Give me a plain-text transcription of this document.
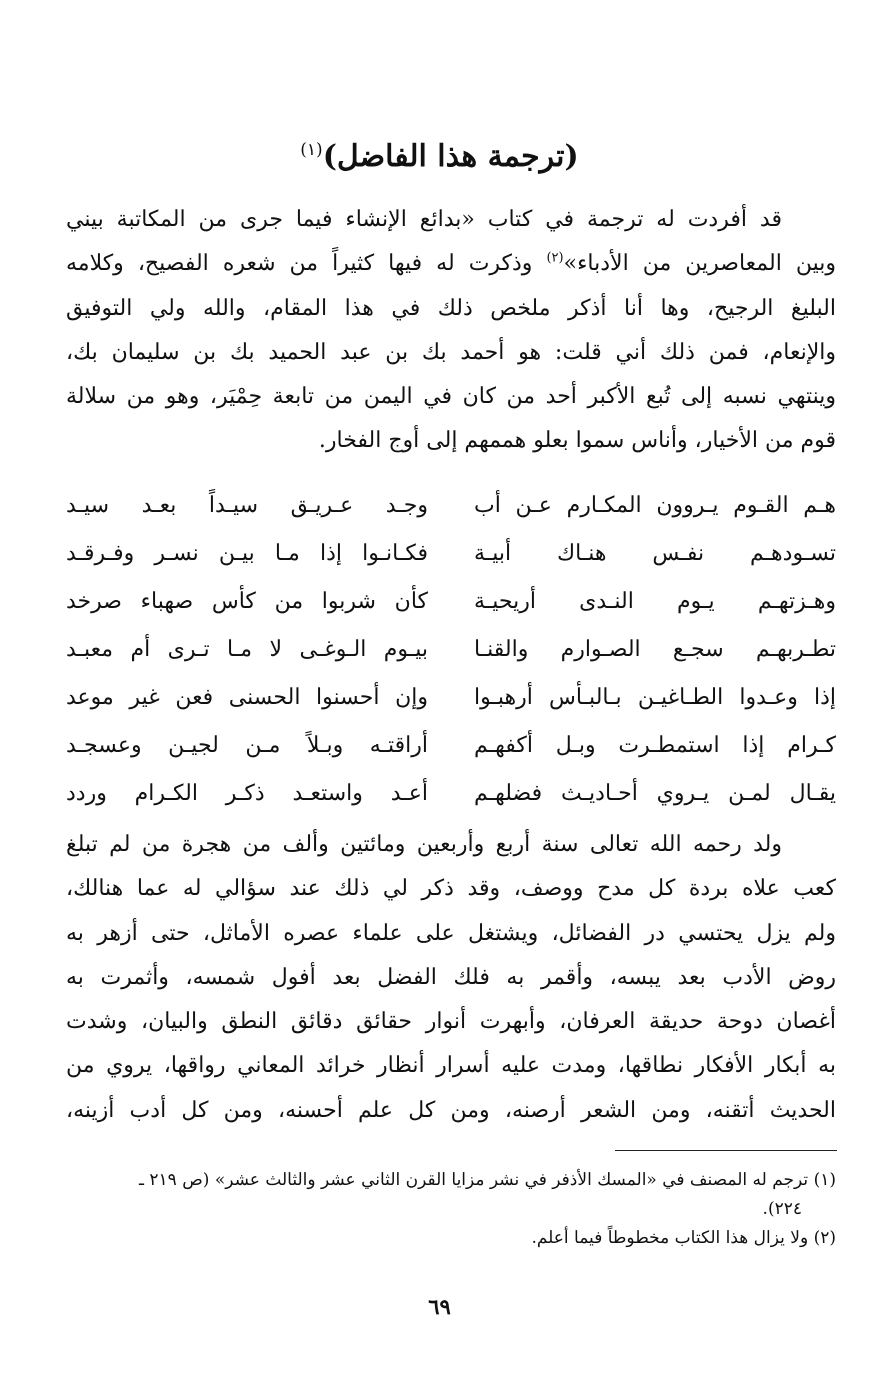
(ترجمة هذا الفاضل)$^{(١)}$
قد أفردت له ترجمة في كتاب «بدائع الإنشاء فيما جرى من المكاتبة بيني
وبين المعاصرين من الأدباء»$^{(٢)}$ وذكرت له فيها كثيراً من شعره الفصيح، وكلامه
البليغ الرجيح، وها أنا أذكر ملخص ذلك في هذا المقام، والله ولي التوفيق
والإنعام، فمن ذلك أني قلت: هو أحمد بك بن عبد الحميد بك بن سليمان بك،
وينتهي نسبه إلى تُبع الأكبر أحد من كان في اليمن من تابعة حِمْيَر، وهو من سلالة
قوم من الأخيار، وأناس سموا بعلو هممهم إلى أوج الفخار.
هـم القـوم يـروون المكـارم عـن أب
وجـد عـريـق سيـداً بعـد سيـد
تسـودهـم نفـس هنـاك أبيـة
فكـانـوا إذا مـا بيـن نسـر وفـرقـد
وهـزتهـم يـوم النـدى أريحيـة
كأن شربوا من كأس صهباء صرخد
تطـربهـم سجـع الصـوارم والقنـا
بيـوم الـوغـى لا مـا تـرى أم معبـد
إذا وعـدوا الطـاغيـن بـالبـأس أرهبـوا
وإن أحسنوا الحسنى فعن غير موعد
كـرام إذا استمطـرت وبـل أكفهـم
أراقتـه وبـلاً مـن لجيـن وعسجـد
يقـال لمـن يـروي أحـاديـث فضلهـم
أعـد واستعـد ذكـر الكـرام وردد
ولد رحمه الله تعالى سنة أربع وأربعين ومائتين وألف من هجرة من لم تبلغ
كعب علاه بردة كل مدح ووصف، وقد ذكر لي ذلك عند سؤالي له عما هنالك،
ولم يزل يحتسي در الفضائل، ويشتغل على علماء عصره الأماثل، حتى أزهر به
روض الأدب بعد يبسه، وأقمر به فلك الفضل بعد أفول شمسه، وأثمرت به
أغصان دوحة حديقة العرفان، وأبهرت أنوار حقائق دقائق النطق والبيان، وشدت
به أبكار الأفكار نطاقها، ومدت عليه أسرار أنظار خرائد المعاني رواقها، يروي من
الحديث أتقنه، ومن الشعر أرصنه، ومن كل علم أحسنه، ومن كل أدب أزينه،
(١) ترجم له المصنف في «المسك الأذفر في نشر مزايا القرن الثاني عشر والثالث عشر» (ص ٢١٩ ـ
٢٢٤).
(٢) ولا يزال هذا الكتاب مخطوطاً فيما أعلم.
٦٩
